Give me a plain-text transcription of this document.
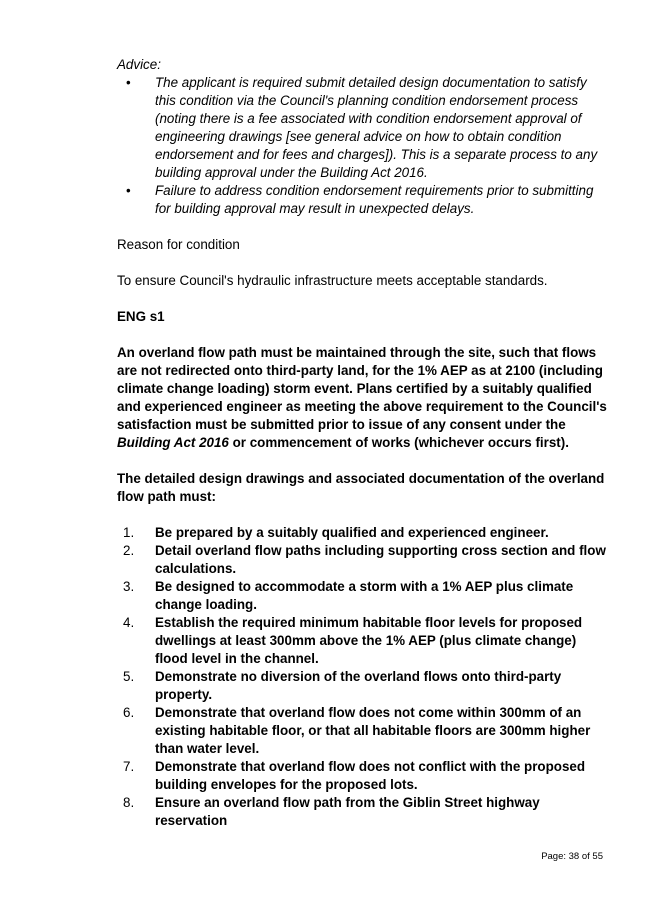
Advice:

• The applicant is required submit detailed design documentation to satisfy this condition via the Council's planning condition endorsement process (noting there is a fee associated with condition endorsement approval of engineering drawings [see general advice on how to obtain condition endorsement and for fees and charges]). This is a separate process to any building approval under the Building Act 2016.
• Failure to address condition endorsement requirements prior to submitting for building approval may result in unexpected delays.

Reason for condition

To ensure Council's hydraulic infrastructure meets acceptable standards.

ENG s1

An overland flow path must be maintained through the site, such that flows are not redirected onto third-party land, for the 1% AEP as at 2100 (including climate change loading) storm event. Plans certified by a suitably qualified and experienced engineer as meeting the above requirement to the Council's satisfaction must be submitted prior to issue of any consent under the Building Act 2016 or commencement of works (whichever occurs first).

The detailed design drawings and associated documentation of the overland flow path must:

1. Be prepared by a suitably qualified and experienced engineer.
2. Detail overland flow paths including supporting cross section and flow calculations.
3. Be designed to accommodate a storm with a 1% AEP plus climate change loading.
4. Establish the required minimum habitable floor levels for proposed dwellings at least 300mm above the 1% AEP (plus climate change) flood level in the channel.
5. Demonstrate no diversion of the overland flows onto third-party property.
6. Demonstrate that overland flow does not come within 300mm of an existing habitable floor, or that all habitable floors are 300mm higher than water level.
7. Demonstrate that overland flow does not conflict with the proposed building envelopes for the proposed lots.
8. Ensure an overland flow path from the Giblin Street highway reservation
Page: 38 of 55
